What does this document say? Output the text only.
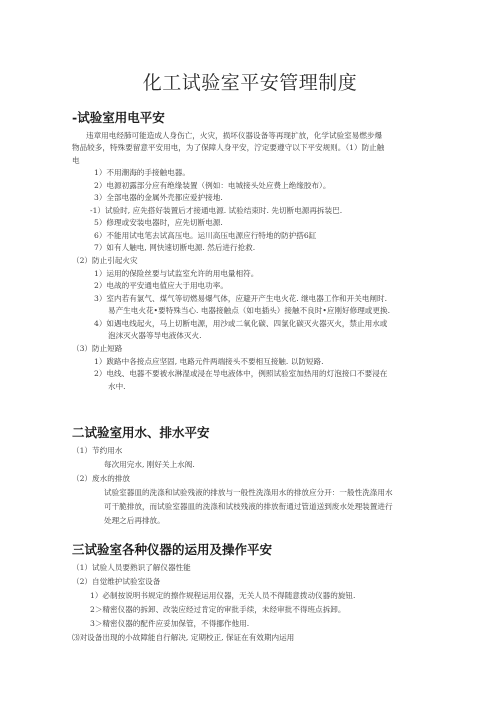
化工试验室平安管理制度
-试验室用电平安
违章用电经肺可能造成人身伤亡，火灾，损坏仪器设备等再现扩放，化学试验室易燃步爆
物品较多，特殊要留意平安用电，为了保障人身平安，泞定要遵守以下平安规则。（1）防止触
电
1）不用潮海的手接触电器。
2）电源初露部分应有绝缘装置（例如：电城接头处应费上绝缘胶布）。
3）全部电器的金属外壳都应爱护接地.
-1）试验时, 应先搭好装置后才接通电源. 试验结束时. 先切断电源再拆装巴.
5）修理或安装电器时，应先切断电源.
6）不能用试电笔去试高压电。运川高压电源应行特地的防护搭6缸
7）如有人触电, 网快速切断电源. 然后进行抢救.
（2）防止引起火灾
1）运用的保险丝要与试监室允许的用电量相符。
2）电战的平安通电值应大于用电功率。
3）室内若有氯气、煤气等切燃易爆气体，应避开产生电火花. 继电器工作和开关电闸时.
易产生电火花•要特殊当心. 电器接触点（如电插头）接触不良时•应刚好修理或更换.
4）如遇电线起火，马上切断电源，用沙或二氧化碳、四氯化碳灭火器灭火，禁止用水或
泡沫灭火器等导电液体灭火.
（3）防止短路
1）跋路中各接点应坚固, 电路元件两端接头不要相互接触. 以防短路.
2）电线、电器不要被水淋湿或浸在导电液体中，例照试验室加热用的灯泡接口不要浸在
水中.
二试验室用水、排水平安
（1）节约用水
每次用完水, 刚好关上水阀.
（2）废水的排放
试验室器皿的洗涤和试验残液的排放与一般性洗涤用水的排放应分开：一般性洗涤用水
可干脆排放，而试验室器皿的洗涤和试枝残液的排放衔通过管道送到废水处理装置进行
处理之后再排放。
三试验室各种仪器的运用及操作平安
（1）试验人员要熟识了解仪器性能
（2）自觉维护试验室设备
1）必制按说明书规定的擦作规程运用仪器，无关人员不得随意拨动仪器的旋钮.
2＞精密仪器的拆卸、改装应经过肯定的审批手续，未经审批不得班点拆卸。
3＞精密仪器的配件应妥加保管，不得挪作他用.
⑶对设备出现的小故障能自行解决, 定期校正, 保证在有效期内运用
